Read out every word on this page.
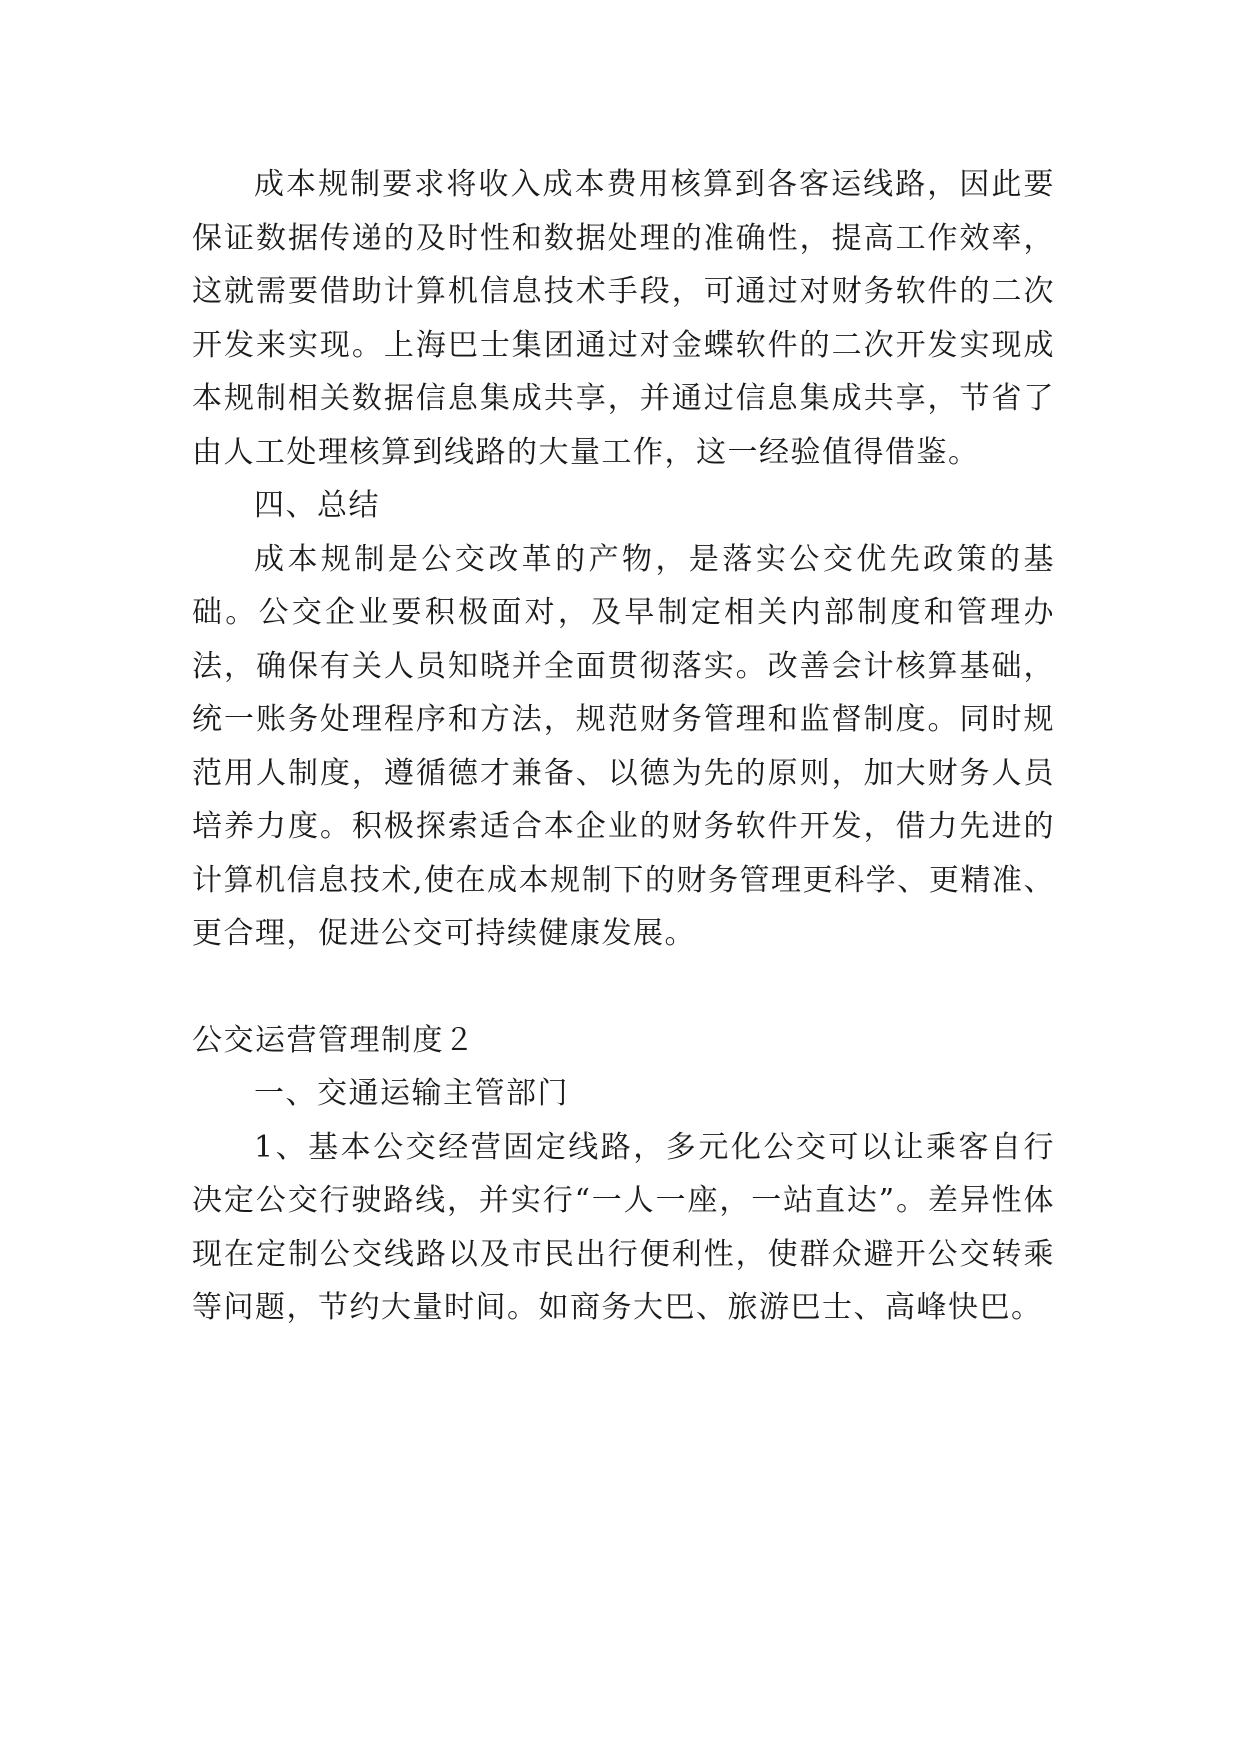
成本规制要求将收入成本费用核算到各客运线路，因此要保证数据传递的及时性和数据处理的准确性，提高工作效率，这就需要借助计算机信息技术手段，可通过对财务软件的二次开发来实现。上海巴士集团通过对金蝶软件的二次开发实现成本规制相关数据信息集成共享，并通过信息集成共享，节省了由人工处理核算到线路的大量工作，这一经验值得借鉴。

四、总结

成本规制是公交改革的产物，是落实公交优先政策的基础。公交企业要积极面对，及早制定相关内部制度和管理办法，确保有关人员知晓并全面贯彻落实。改善会计核算基础，统一账务处理程序和方法，规范财务管理和监督制度。同时规范用人制度，遵循德才兼备、以德为先的原则，加大财务人员培养力度。积极探索适合本企业的财务软件开发，借力先进的计算机信息技术,使在成本规制下的财务管理更科学、更精准、更合理，促进公交可持续健康发展。

公交运营管理制度２

一、交通运输主管部门

1、基本公交经营固定线路，多元化公交可以让乘客自行决定公交行驶路线，并实行“一人一座，一站直达”。差异性体现在定制公交线路以及市民出行便利性，使群众避开公交转乘等问题，节约大量时间。如商务大巴、旅游巴士、高峰快巴。
